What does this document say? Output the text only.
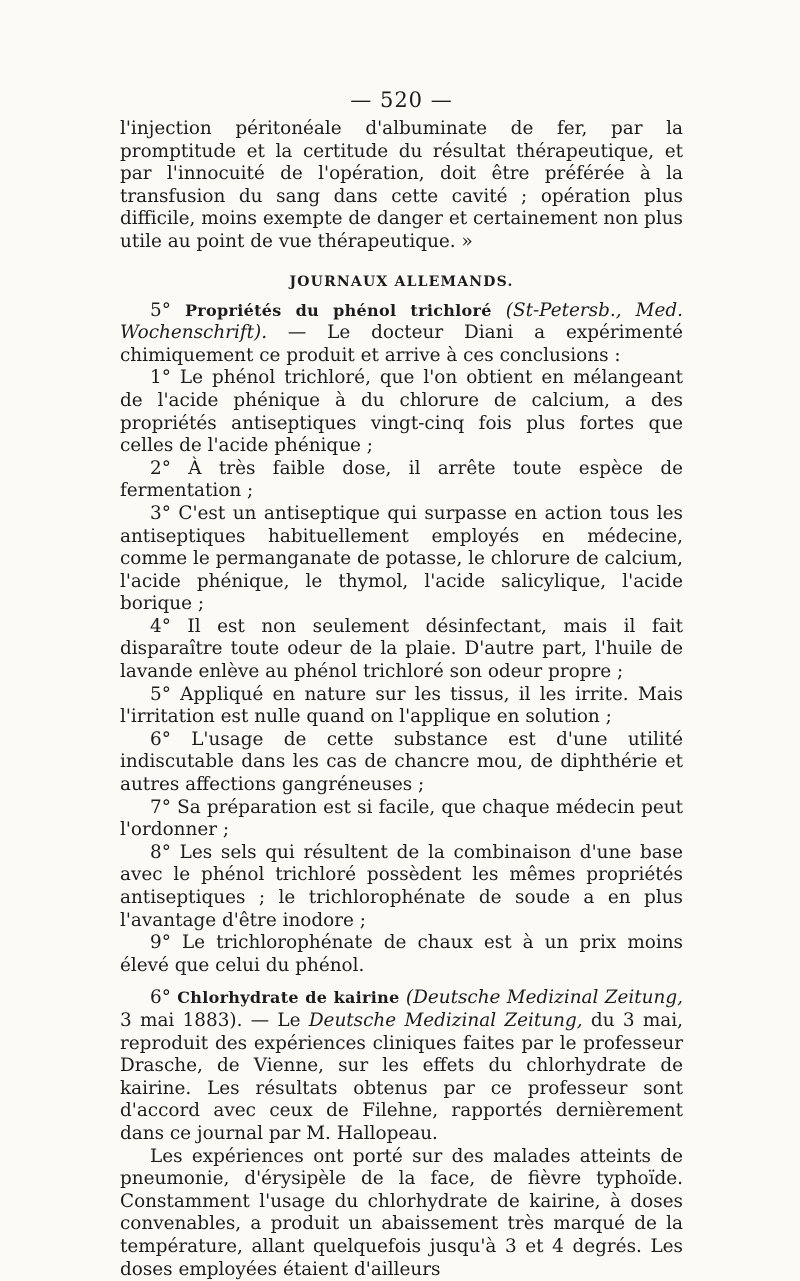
— 520 —

l'injection péritonéale d'albuminate de fer, par la promptitude et la certitude du résultat thérapeutique, et par l'innocuité de l'opération, doit être préférée à la transfusion du sang dans cette cavité ; opération plus difficile, moins exempte de danger et certainement non plus utile au point de vue thérapeutique. »

JOURNAUX ALLEMANDS.

5° Propriétés du phénol trichloré (St-Petersb., Med. Wochenschrift). — Le docteur Diani a expérimenté chimiquement ce produit et arrive à ces conclusions :

1° Le phénol trichloré, que l'on obtient en mélangeant de l'acide phénique à du chlorure de calcium, a des propriétés antiseptiques vingt-cinq fois plus fortes que celles de l'acide phénique ;

2° À très faible dose, il arrête toute espèce de fermentation ;

3° C'est un antiseptique qui surpasse en action tous les antiseptiques habituellement employés en médecine, comme le permanganate de potasse, le chlorure de calcium, l'acide phénique, le thymol, l'acide salicylique, l'acide borique ;

4° Il est non seulement désinfectant, mais il fait disparaître toute odeur de la plaie. D'autre part, l'huile de lavande enlève au phénol trichloré son odeur propre ;

5° Appliqué en nature sur les tissus, il les irrite. Mais l'irritation est nulle quand on l'applique en solution ;

6° L'usage de cette substance est d'une utilité indiscutable dans les cas de chancre mou, de diphthérie et autres affections gangréneuses ;

7° Sa préparation est si facile, que chaque médecin peut l'ordonner ;

8° Les sels qui résultent de la combinaison d'une base avec le phénol trichloré possèdent les mêmes propriétés antiseptiques ; le trichlorophénate de soude a en plus l'avantage d'être inodore ;

9° Le trichlorophénate de chaux est à un prix moins élevé que celui du phénol.

6° Chlorhydrate de kairine (Deutsche Medizinal Zeitung, 3 mai 1883). — Le Deutsche Medizinal Zeitung, du 3 mai, reproduit des expériences cliniques faites par le professeur Drasche, de Vienne, sur les effets du chlorhydrate de kairine. Les résultats obtenus par ce professeur sont d'accord avec ceux de Filehne, rapportés dernièrement dans ce journal par M. Hallopeau.

Les expériences ont porté sur des malades atteints de pneumonie, d'érysipèle de la face, de fièvre typhoïde. Constamment l'usage du chlorhydrate de kairine, à doses convenables, a produit un abaissement très marqué de la température, allant quelquefois jusqu'à 3 et 4 degrés. Les doses employées étaient d'ailleurs
